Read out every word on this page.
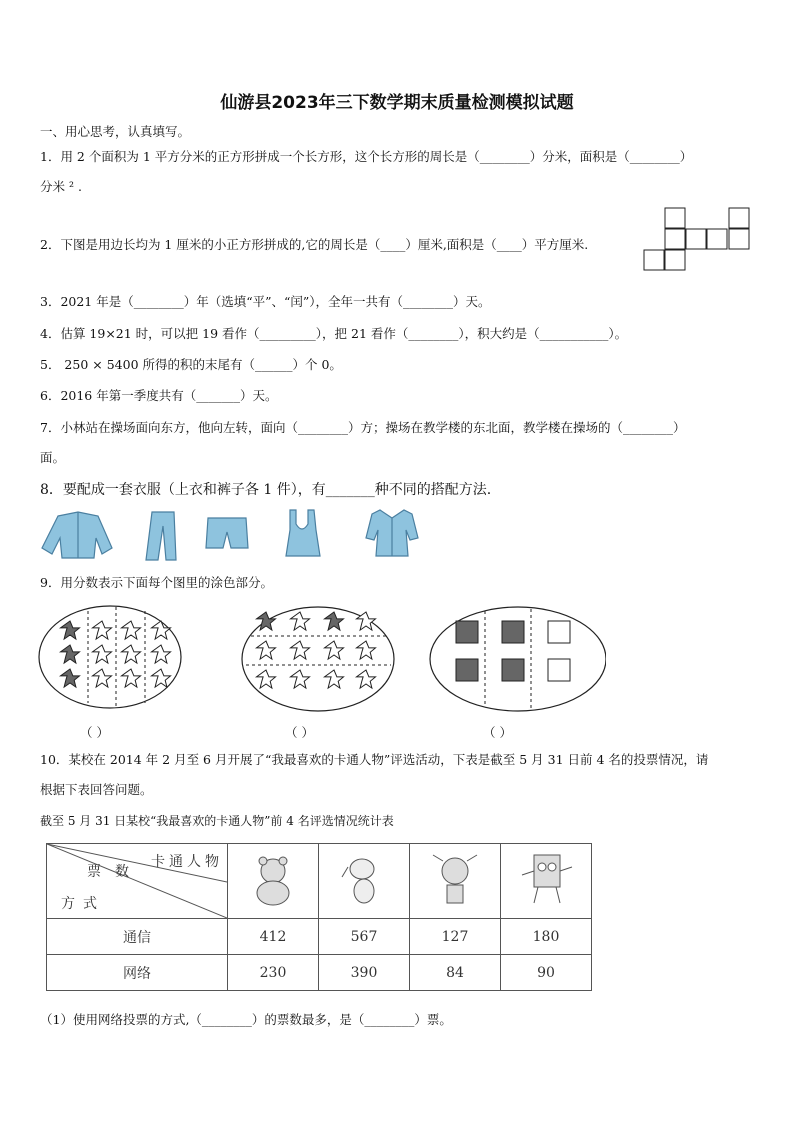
仙游县2023年三下数学期末质量检测模拟试题
一、用心思考，认真填写。
1．用 2 个面积为 1 平方分米的正方形拼成一个长方形，这个长方形的周长是（________）分米，面积是（________）
分米 ² .
2．下图是用边长均为 1 厘米的小正方形拼成的,它的周长是（____）厘米,面积是（____）平方厘米.
3．2021 年是（________）年（选填“平”、“闰”），全年一共有（________）天。
4．估算 19×21 时，可以把 19 看作（_________），把 21 看作（________），积大约是（___________）。
5． 250 × 5400 所得的积的末尾有（______）个 0。
6．2016 年第一季度共有（_______）天。
7．小林站在操场面向东方，他向左转，面向（________）方；操场在教学楼的东北面，教学楼在操场的（________）
面。
8．要配成一套衣服（上衣和裤子各 1 件），有_______种不同的搭配方法.
9．用分数表示下面每个图里的涂色部分。
（ ）	（ ）	（ ）
10．某校在 2014 年 2 月至 6 月开展了“我最喜欢的卡通人物”评选活动，下表是截至 5 月 31 日前 4 名的投票情况，请
根据下表回答问题。
截至 5 月 31 日某校“我最喜欢的卡通人物”前 4 名评选情况统计表
卡通人物
票数
方式

通信	412	567	127	180
网络	230	390	84	90
（1）使用网络投票的方式,（________）的票数最多，是（________）票。
